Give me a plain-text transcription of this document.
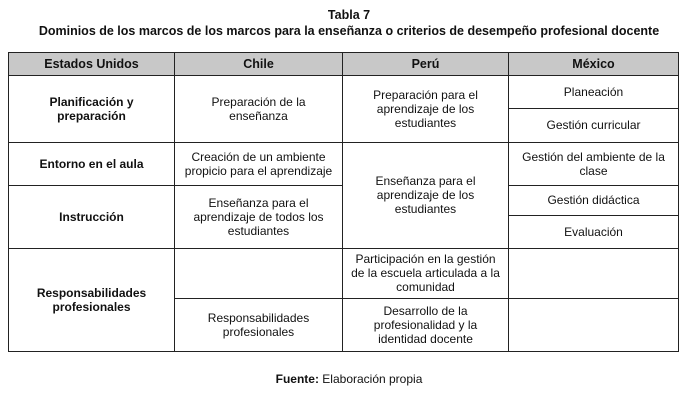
Tabla 7
Dominios de los marcos de los marcos para la enseñanza o criterios de desempeño profesional docente
Estados Unidos	Chile	Perú	México
Planificación y preparación	Preparación de la enseñanza	Preparación para el aprendizaje de los estudiantes	Planeación
			Gestión curricular
Entorno en el aula	Creación de un ambiente propicio para el aprendizaje	Enseñanza para el aprendizaje de los estudiantes	Gestión del ambiente de la clase
Instrucción	Enseñanza para el aprendizaje de todos los estudiantes		Gestión didáctica
			Evaluación
Responsabilidades profesionales		Participación en la gestión de la escuela articulada a la comunidad	
	Responsabilidades profesionales	Desarrollo de la profesionalidad y la identidad docente	
Fuente: Elaboración propia
